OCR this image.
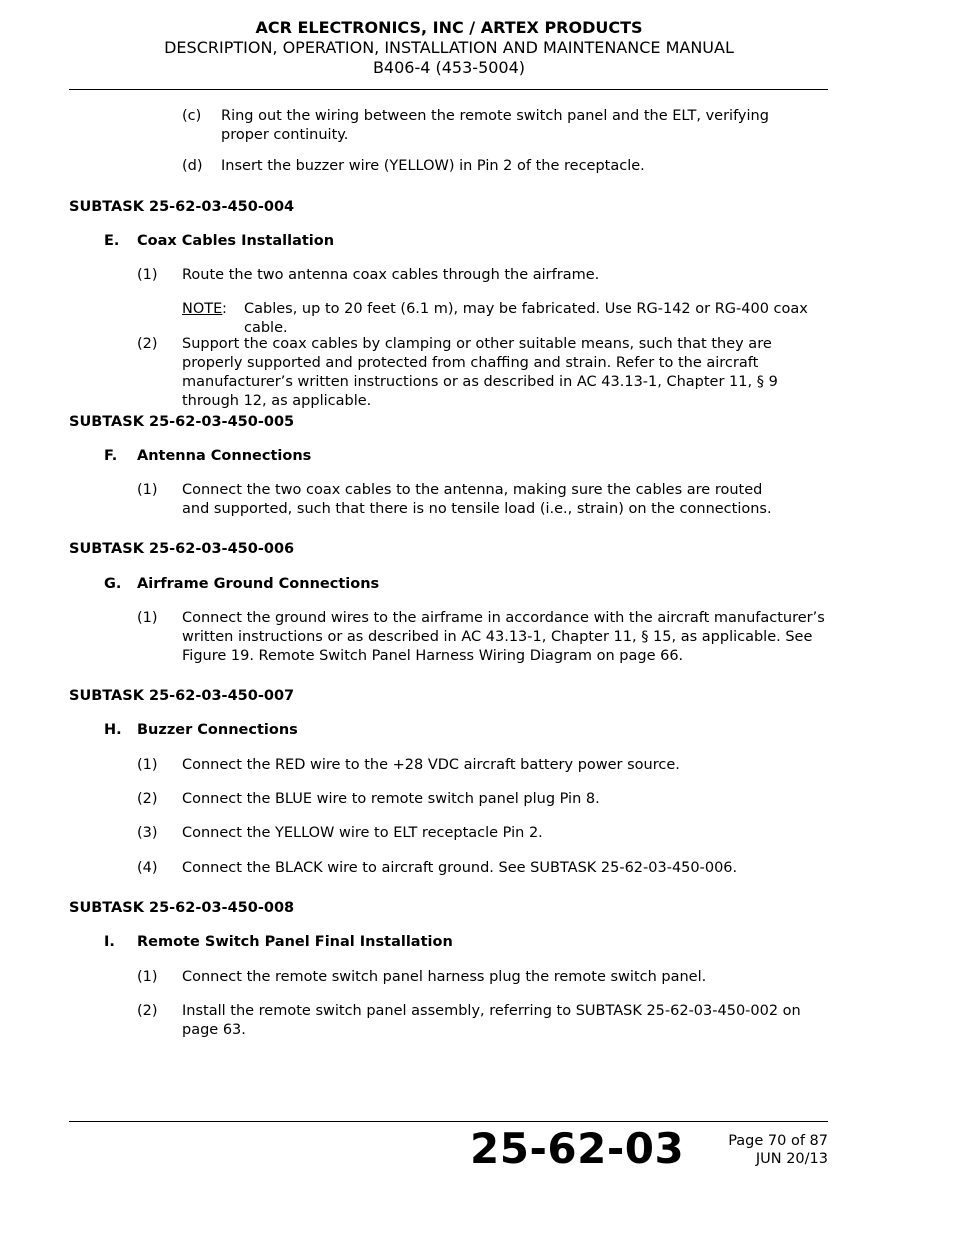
ACR ELECTRONICS, INC / ARTEX PRODUCTS
DESCRIPTION, OPERATION, INSTALLATION AND MAINTENANCE MANUAL
B406-4 (453-5004)
(c) Ring out the wiring between the remote switch panel and the ELT, verifying proper continuity.
(d) Insert the buzzer wire (YELLOW) in Pin 2 of the receptacle.
SUBTASK 25-62-03-450-004
E. Coax Cables Installation
(1) Route the two antenna coax cables through the airframe.
NOTE : Cables, up to 20 feet (6.1 m), may be fabricated. Use RG-142 or RG-400 coax cable.
(2) Support the coax cables by clamping or other suitable means, such that they are properly supported and protected from chaffing and strain. Refer to the aircraft manufacturer’s written instructions or as described in AC 43.13-1, Chapter 11, § 9 through 12, as applicable.
SUBTASK 25-62-03-450-005
F. Antenna Connections
(1) Connect the two coax cables to the antenna, making sure the cables are routed and supported, such that there is no tensile load (i.e., strain) on the connections.
SUBTASK 25-62-03-450-006
G. Airframe Ground Connections
(1) Connect the ground wires to the airframe in accordance with the aircraft manufacturer’s written instructions or as described in AC 43.13-1, Chapter 11, § 15, as applicable. See Figure 19. Remote Switch Panel Harness Wiring Diagram on page 66.
SUBTASK 25-62-03-450-007
H. Buzzer Connections
(1) Connect the RED wire to the +28 VDC aircraft battery power source.
(2) Connect the BLUE wire to remote switch panel plug Pin 8.
(3) Connect the YELLOW wire to ELT receptacle Pin 2.
(4) Connect the BLACK wire to aircraft ground. See SUBTASK 25-62-03-450-006.
SUBTASK 25-62-03-450-008
I. Remote Switch Panel Final Installation
(1) Connect the remote switch panel harness plug the remote switch panel.
(2) Install the remote switch panel assembly, referring to SUBTASK 25-62-03-450-002 on page 63.
25-62-03	Page 70 of 87
JUN 20/13
